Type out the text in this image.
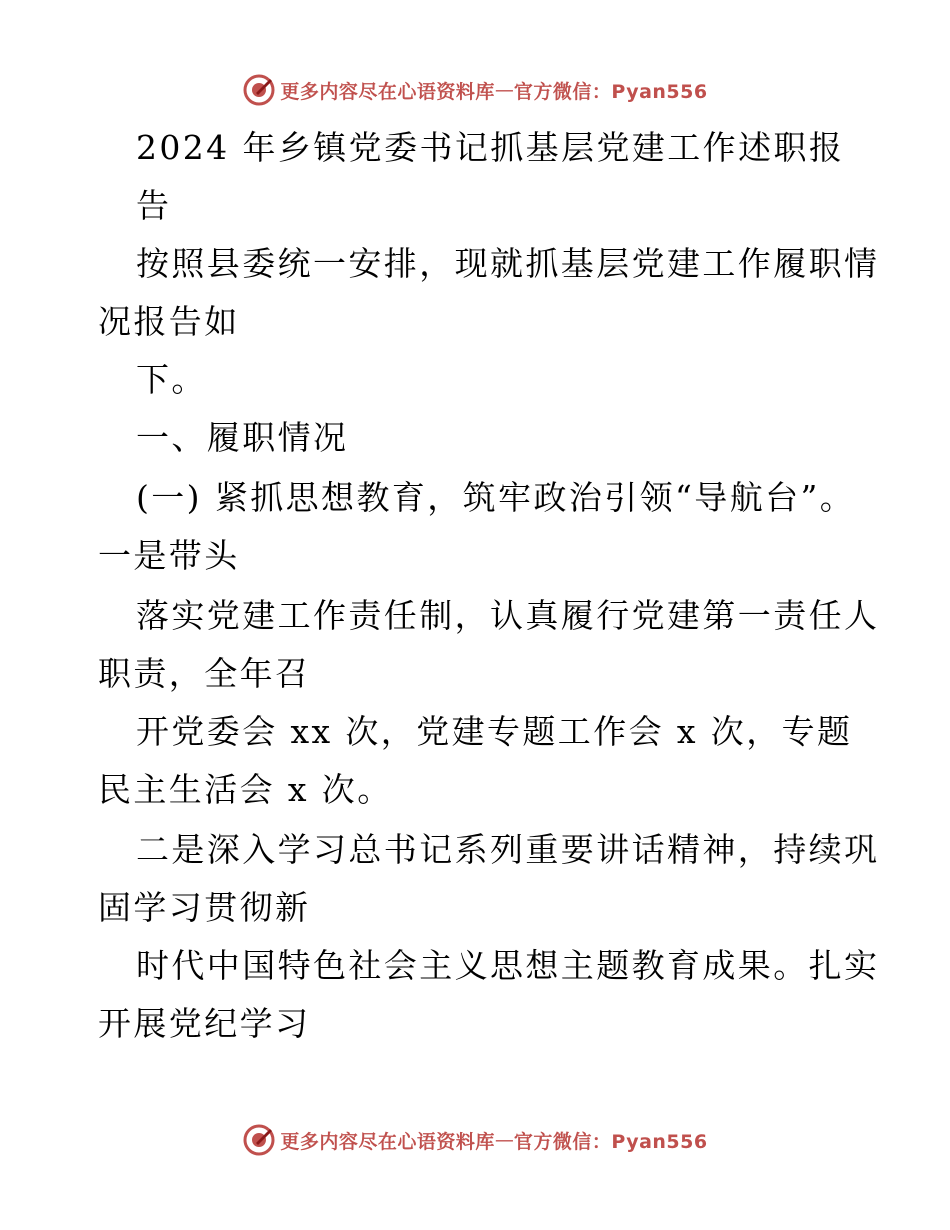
更多内容尽在心语资料库 — 官方微信：Pyan556
2024 年乡镇党委书记抓基层党建工作述职报
告
按照县委统一安排，现就抓基层党建工作履职情
况报告如
下。
一、履职情况
(一) 紧抓思想教育，筑牢政治引领“导航台”。
一是带头
落实党建工作责任制，认真履行党建第一责任人
职责，全年召
开党委会 xx 次，党建专题工作会 x 次，专题
民主生活会 x 次。
二是深入学习总书记系列重要讲话精神，持续巩
固学习贯彻新
时代中国特色社会主义思想主题教育成果。扎实
开展党纪学习
更多内容尽在心语资料库 — 官方微信：Pyan556
